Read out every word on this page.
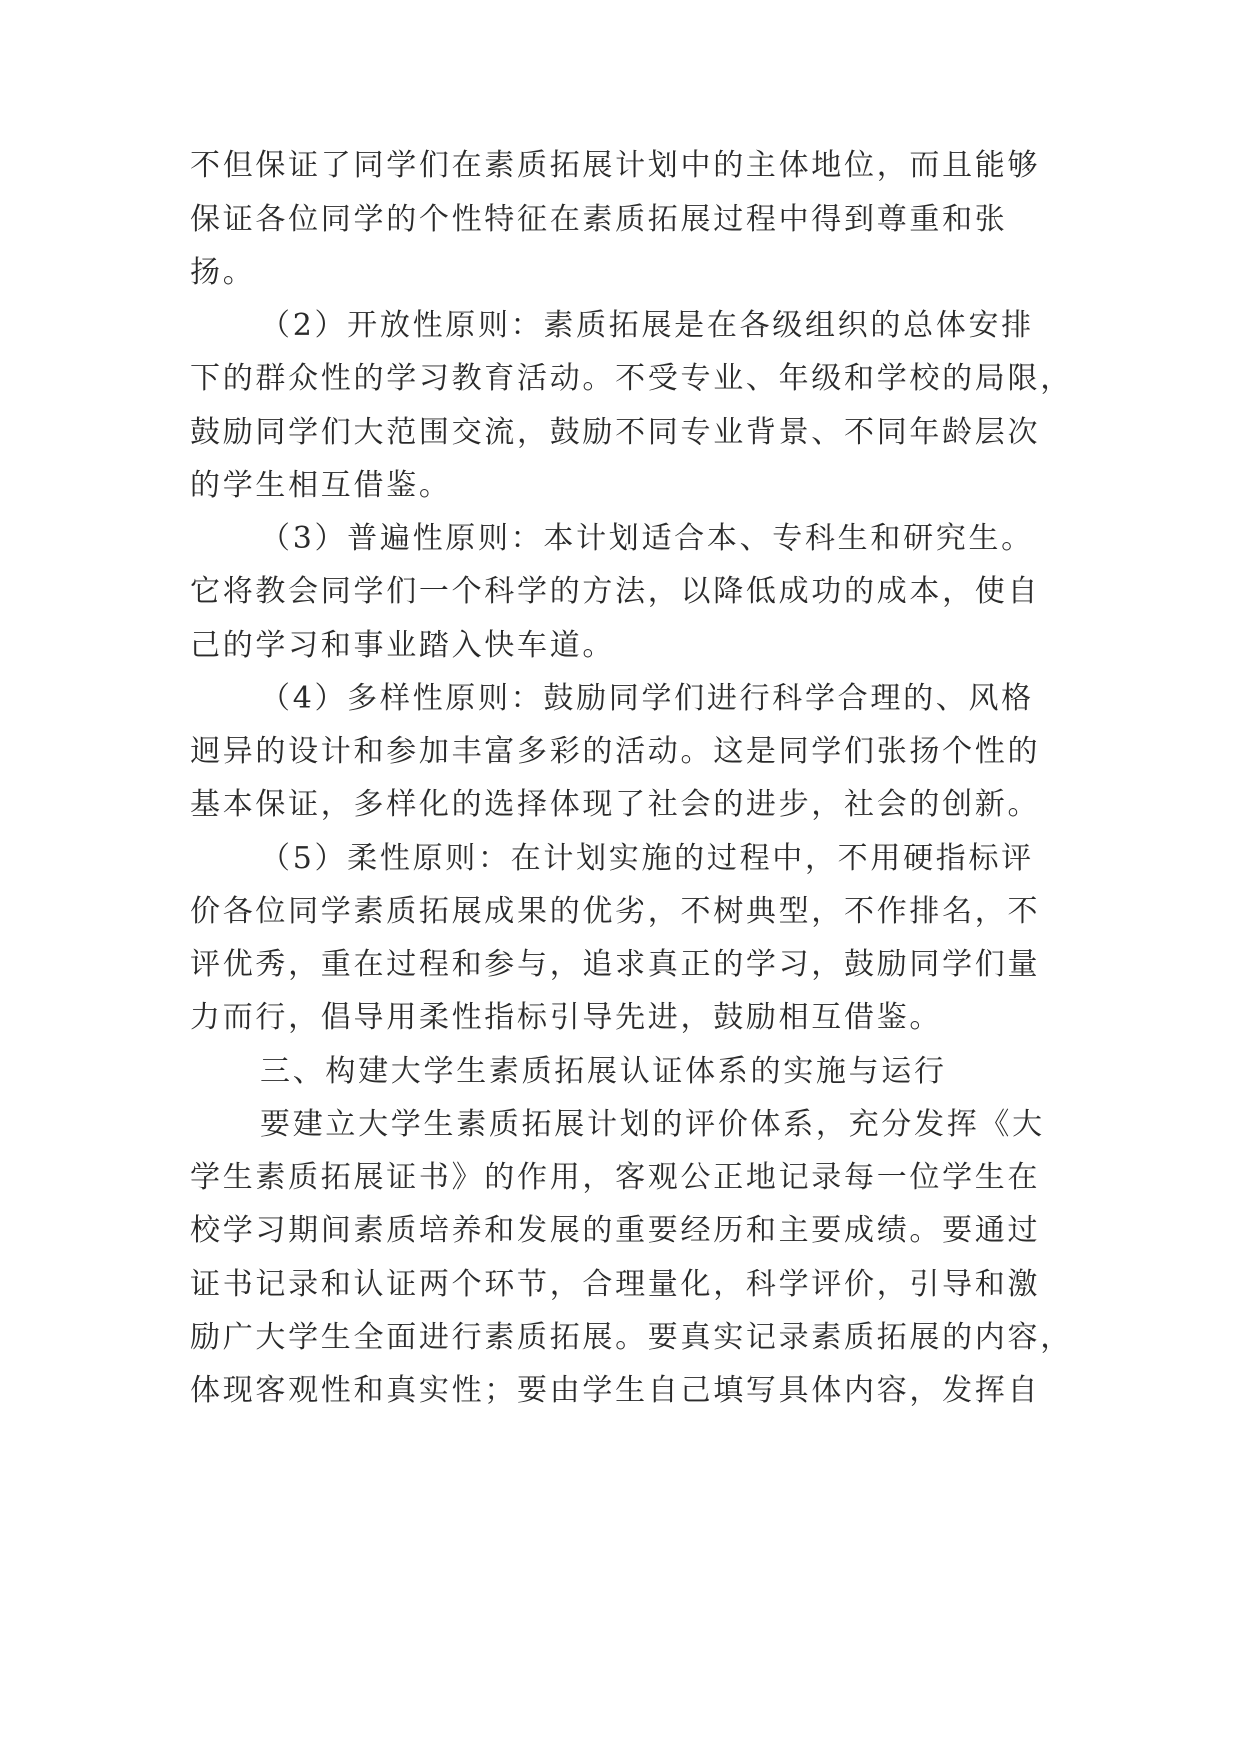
不但保证了同学们在素质拓展计划中的主体地位，而且能够
保证各位同学的个性特征在素质拓展过程中得到尊重和张
扬。
（2）开放性原则：素质拓展是在各级组织的总体安排
下的群众性的学习教育活动。不受专业、年级和学校的局限，
鼓励同学们大范围交流，鼓励不同专业背景、不同年龄层次
的学生相互借鉴。
（3）普遍性原则：本计划适合本、专科生和研究生。
它将教会同学们一个科学的方法，以降低成功的成本，使自
己的学习和事业踏入快车道。
（4）多样性原则：鼓励同学们进行科学合理的、风格
迥异的设计和参加丰富多彩的活动。这是同学们张扬个性的
基本保证，多样化的选择体现了社会的进步，社会的创新。
（5）柔性原则：在计划实施的过程中，不用硬指标评
价各位同学素质拓展成果的优劣，不树典型，不作排名，不
评优秀，重在过程和参与，追求真正的学习，鼓励同学们量
力而行，倡导用柔性指标引导先进，鼓励相互借鉴。
三、构建大学生素质拓展认证体系的实施与运行
要建立大学生素质拓展计划的评价体系，充分发挥《大
学生素质拓展证书》的作用，客观公正地记录每一位学生在
校学习期间素质培养和发展的重要经历和主要成绩。要通过
证书记录和认证两个环节，合理量化，科学评价，引导和激
励广大学生全面进行素质拓展。要真实记录素质拓展的内容，
体现客观性和真实性；要由学生自己填写具体内容，发挥自
